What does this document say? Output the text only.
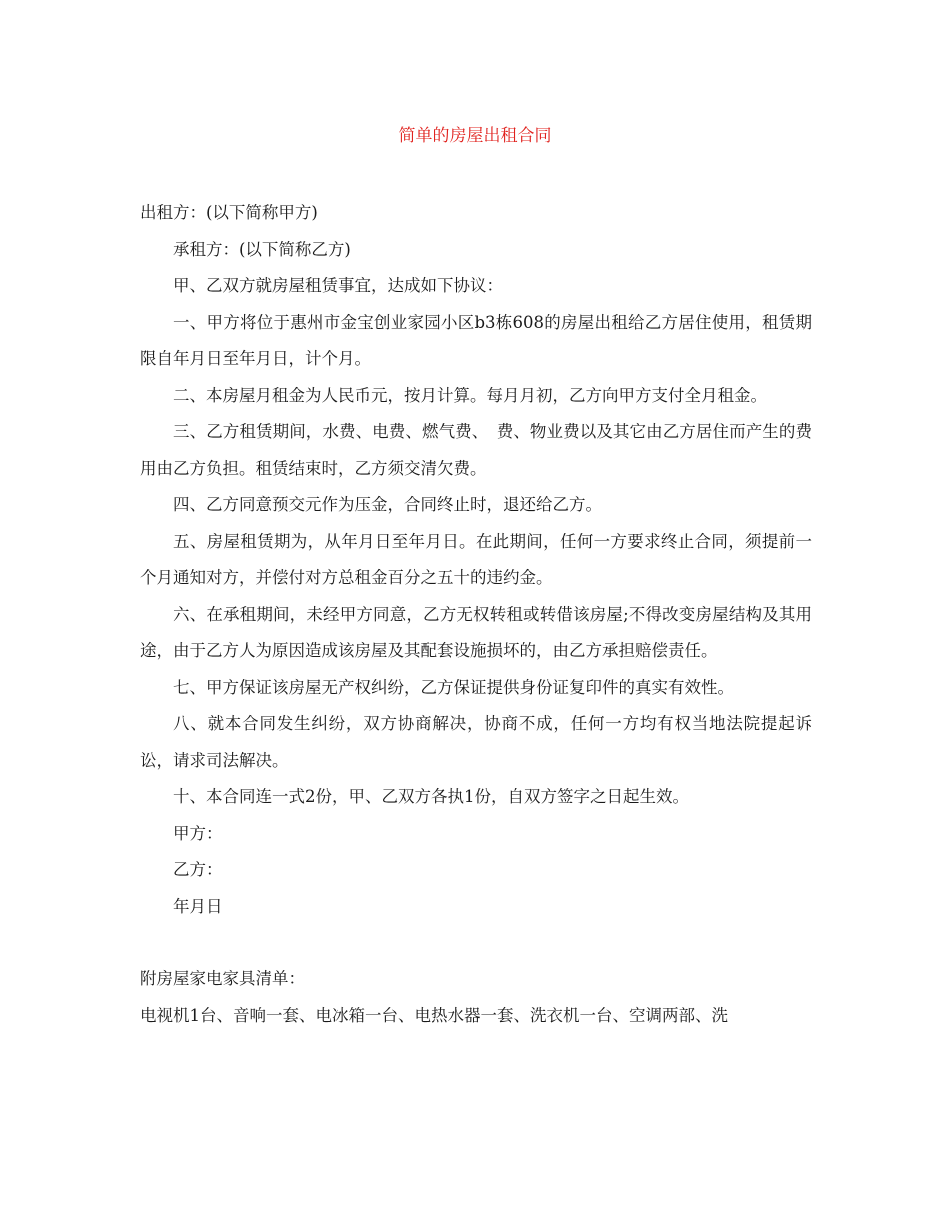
简单的房屋出租合同

出租方：(以下简称甲方)

承租方：(以下简称乙方)

甲、乙双方就房屋租赁事宜，达成如下协议：

一、甲方将位于惠州市金宝创业家园小区b3栋608的房屋出租给乙方居住使用，租赁期限自年月日至年月日，计个月。

二、本房屋月租金为人民币元，按月计算。每月月初，乙方向甲方支付全月租金。

三、乙方租赁期间，水费、电费、燃气费、　费、物业费以及其它由乙方居住而产生的费用由乙方负担。租赁结束时，乙方须交清欠费。

四、乙方同意预交元作为压金，合同终止时，退还给乙方。

五、房屋租赁期为，从年月日至年月日。在此期间，任何一方要求终止合同，须提前一个月通知对方，并偿付对方总租金百分之五十的违约金。

六、在承租期间，未经甲方同意，乙方无权转租或转借该房屋;不得改变房屋结构及其用途，由于乙方人为原因造成该房屋及其配套设施损坏的，由乙方承担赔偿责任。

七、甲方保证该房屋无产权纠纷，乙方保证提供身份证复印件的真实有效性。

八、就本合同发生纠纷，双方协商解决，协商不成，任何一方均有权当地法院提起诉讼，请求司法解决。

十、本合同连一式2份，甲、乙双方各执1份，自双方签字之日起生效。

甲方：

乙方：

年月日

附房屋家电家具清单：

电视机1台、音响一套、电冰箱一台、电热水器一套、洗衣机一台、空调两部、洗
